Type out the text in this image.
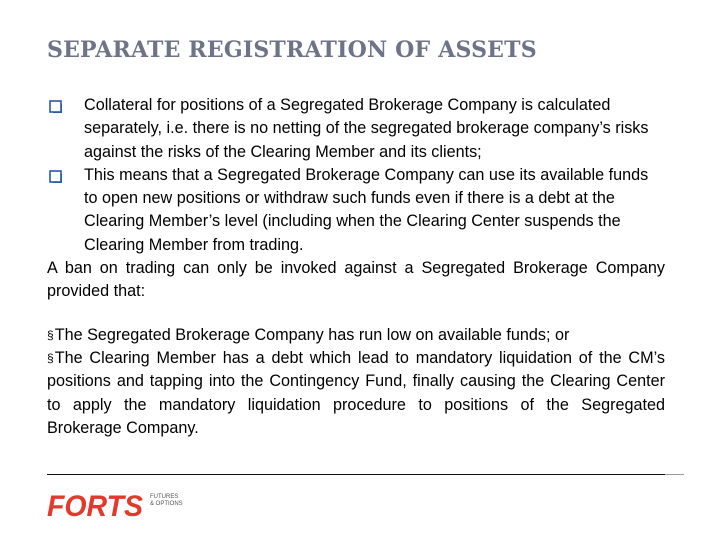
SEPARATE REGISTRATION OF ASSETS
Collateral for positions of a Segregated Brokerage Company is calculated separately, i.e. there is no netting of the segregated brokerage company’s risks against the risks of the Clearing Member and its clients;
This means that a Segregated Brokerage Company can use its available funds to open new positions or withdraw such funds even if there is a debt at the Clearing Member’s level (including when the Clearing Center suspends the Clearing Member from trading.
A ban on trading can only be invoked against a Segregated Brokerage Company provided that:
§The Segregated Brokerage Company has run low on available funds; or
§The Clearing Member has a debt which lead to mandatory liquidation of the CM’s positions and tapping into the Contingency Fund, finally causing the Clearing Center to apply the mandatory liquidation procedure to positions of the Segregated Brokerage Company.
FORTS FUTURES
& OPTIONS
